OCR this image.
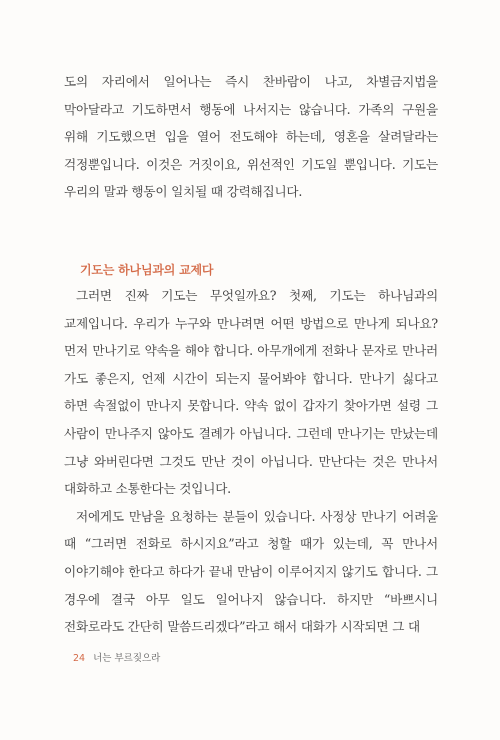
도의 자리에서 일어나는 즉시 찬바람이 나고, 차별금지법을 막아달라고 기도하면서 행동에 나서지는 않습니다. 가족의 구원을 위해 기도했으면 입을 열어 전도해야 하는데, 영혼을 살려달라는 걱정뿐입니다. 이것은 거짓이요, 위선적인 기도일 뿐입니다. 기도는 우리의 말과 행동이 일치될 때 강력해집니다.

기도는 하나님과의 교제다

그러면 진짜 기도는 무엇일까요? 첫째, 기도는 하나님과의 교제입니다. 우리가 누구와 만나려면 어떤 방법으로 만나게 되나요? 먼저 만나기로 약속을 해야 합니다. 아무개에게 전화나 문자로 만나러 가도 좋은지, 언제 시간이 되는지 물어봐야 합니다. 만나기 싫다고 하면 속절없이 만나지 못합니다. 약속 없이 갑자기 찾아가면 설령 그 사람이 만나주지 않아도 결례가 아닙니다. 그런데 만나기는 만났는데 그냥 와버린다면 그것도 만난 것이 아닙니다. 만난다는 것은 만나서 대화하고 소통한다는 것입니다.

저에게도 만남을 요청하는 분들이 있습니다. 사정상 만나기 어려울 때 “그러면 전화로 하시지요”라고 청할 때가 있는데, 꼭 만나서 이야기해야 한다고 하다가 끝내 만남이 이루어지지 않기도 합니다. 그 경우에 결국 아무 일도 일어나지 않습니다. 하지만 “바쁘시니 전화로라도 간단히 말씀드리겠다”라고 해서 대화가 시작되면 그 대

24 너는 부르짖으라
